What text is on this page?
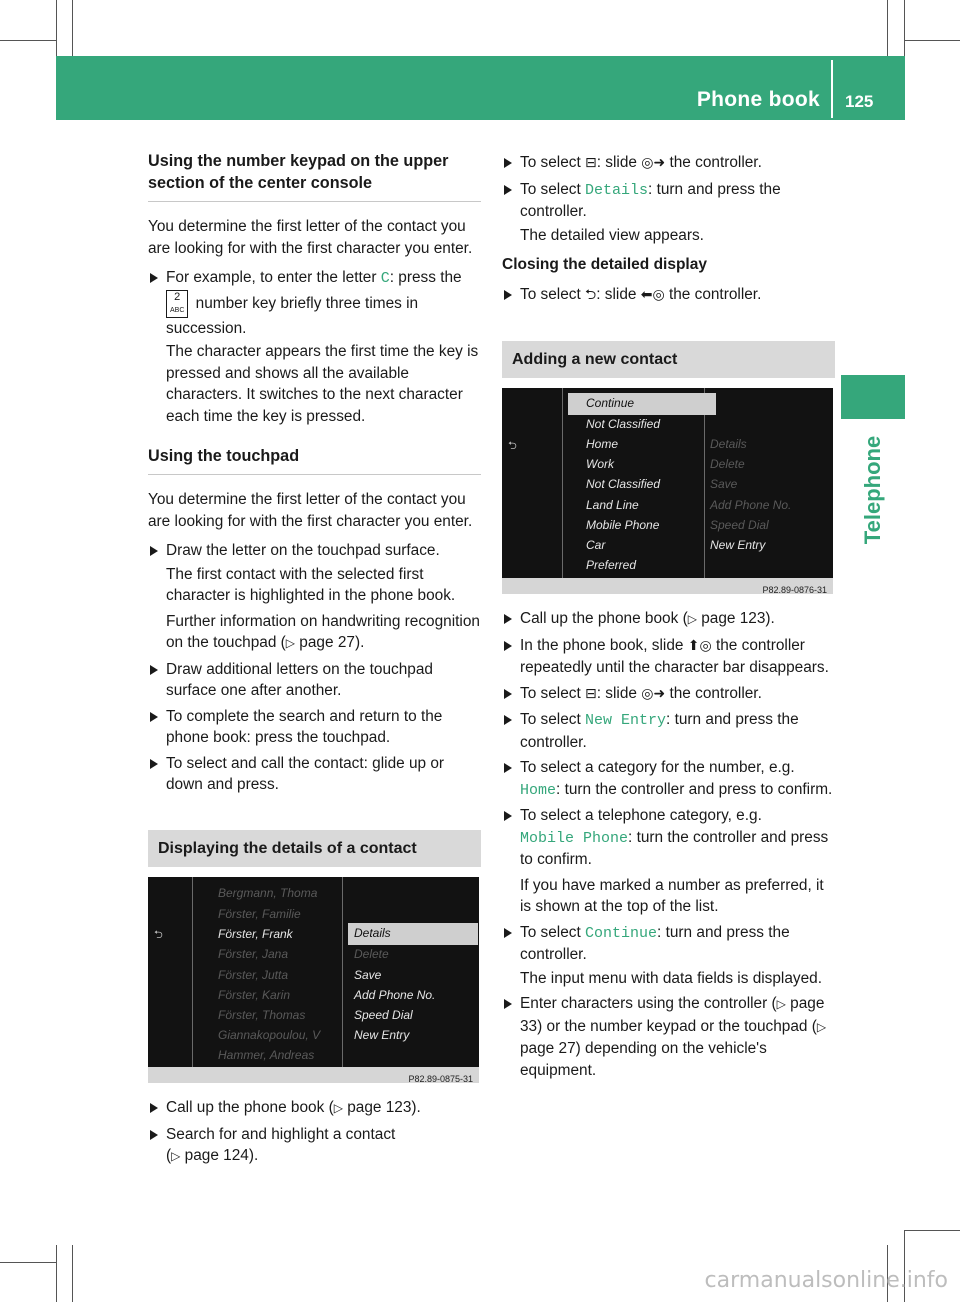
Phone book 125
Telephone
Using the number keypad on the upper section of the center console

You determine the first letter of the contact you are looking for with the first character you enter.

For example, to enter the letter C: press the 2
ABC number key briefly three times in succession.
The character appears the first time the key is pressed and shows all the available characters. It switches to the next character each time the key is pressed.
Using the touchpad

You determine the first letter of the contact you are looking for with the first character you enter.

Draw the letter on the touchpad surface.
The first contact with the selected first character is highlighted in the phone book.
Further information on handwriting recognition on the touchpad (▷ page 27).
Draw additional letters on the touchpad surface one after another.
To complete the search and return to the phone book: press the touchpad.
To select and call the contact: glide up or down and press.
Displaying the details of a contact
⮌
Bergmann, Thoma
Förster, Familie
Förster, Frank
Förster, Jana
Förster, Jutta
Förster, Karin
Förster, Thomas
Giannakopoulou, V
Hammer, Andreas
Details
Delete
Save
Add Phone No.
Speed Dial
New Entry
P82.89-0875-31
Call up the phone book (▷ page 123).
Search for and highlight a contact
(▷ page 124).
To select ⊟: slide ◎➜ the controller.
To select Details: turn and press the controller.
The detailed view appears.
Closing the detailed display
To select ⮌: slide ⬅◎ the controller.
Adding a new contact
⮌
Continue
Not Classified
Home
Work
Not Classified
Land Line
Mobile Phone
Car
Preferred
Details
Delete
Save
Add Phone No.
Speed Dial
New Entry
P82.89-0876-31
Call up the phone book (▷ page 123).
In the phone book, slide ⬆◎ the controller repeatedly until the character bar disappears.
To select ⊟: slide ◎➜ the controller.
To select New Entry: turn and press the controller.
To select a category for the number, e.g.
Home: turn the controller and press to confirm.
To select a telephone category, e.g.
Mobile Phone: turn the controller and press to confirm.
If you have marked a number as preferred, it is shown at the top of the list.
To select Continue: turn and press the controller.
The input menu with data fields is displayed.
Enter characters using the controller (▷ page 33) or the number keypad or the touchpad (▷ page 27) depending on the vehicle's equipment.
carmanualsonline.info
